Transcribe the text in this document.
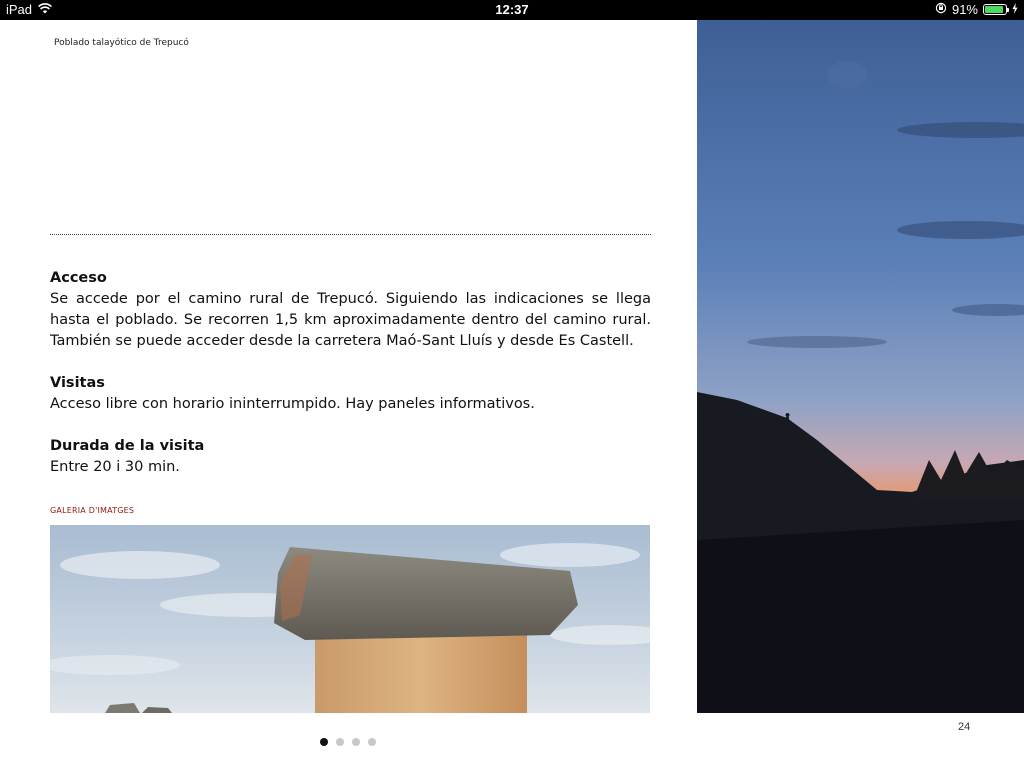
iPad	12:37	91%
Poblado talayótico de Trepucó
Acceso

Se accede por el camino rural de Trepucó. Siguiendo las indicaciones se llega hasta el poblado. Se recorren 1,5 km aproximadamente dentro del camino rural. También se puede acceder desde la carretera Maó-Sant Lluís y desde Es Castell.

Visitas

Acceso libre con horario ininterrumpido. Hay paneles informativos.

Durada de la visita

Entre 20 i 30 min.

GALERIA D'IMATGES
24
